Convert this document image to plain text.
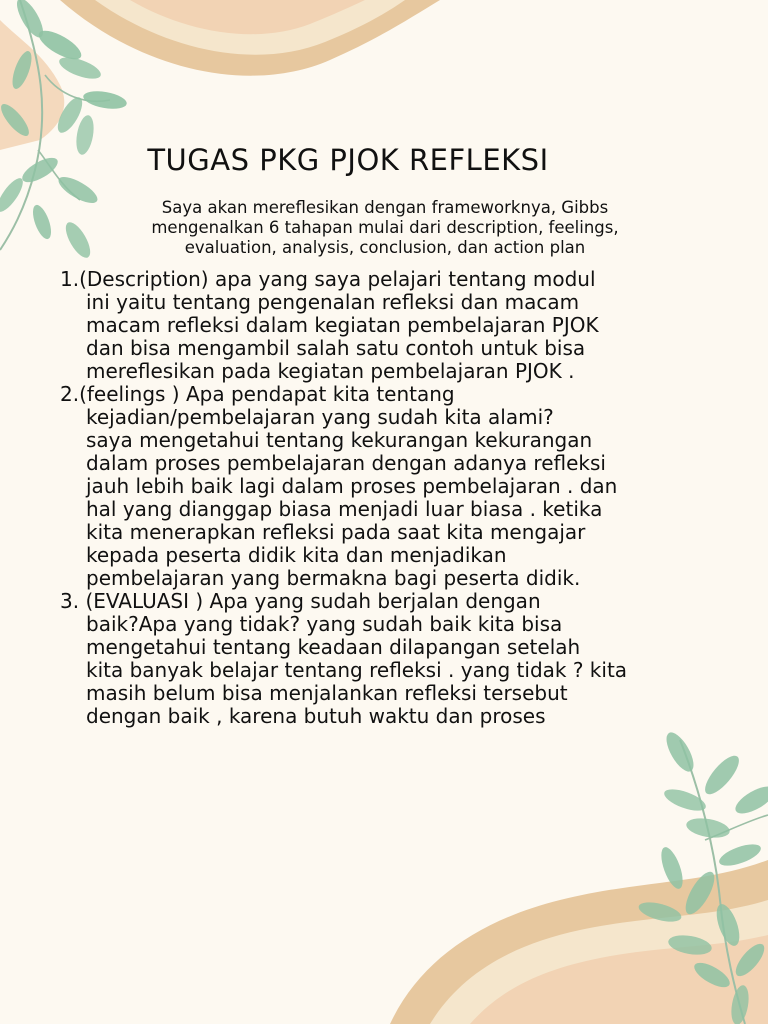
TUGAS PKG PJOK REFLEKSI

Saya akan mereflesikan dengan frameworknya, Gibbs
mengenalkan 6 tahapan mulai dari description, feelings,
evaluation, analysis, conclusion, dan action plan

1.(Description) apa yang saya pelajari tentang modul
ini yaitu tentang pengenalan refleksi dan macam
macam refleksi dalam kegiatan pembelajaran PJOK
dan bisa mengambil salah satu contoh untuk bisa
mereflesikan pada kegiatan pembelajaran PJOK .
2.(feelings ) Apa pendapat kita tentang
kejadian/pembelajaran yang sudah kita alami?
saya mengetahui tentang kekurangan kekurangan
dalam proses pembelajaran dengan adanya refleksi
jauh lebih baik lagi dalam proses pembelajaran . dan
hal yang dianggap biasa menjadi luar biasa . ketika
kita menerapkan refleksi pada saat kita mengajar
kepada peserta didik kita dan menjadikan
pembelajaran yang bermakna bagi peserta didik.
3. (EVALUASI ) Apa yang sudah berjalan dengan
baik?Apa yang tidak? yang sudah baik kita bisa
mengetahui tentang keadaan dilapangan setelah
kita banyak belajar tentang refleksi . yang tidak ? kita
masih belum bisa menjalankan refleksi tersebut
dengan baik , karena butuh waktu dan proses
